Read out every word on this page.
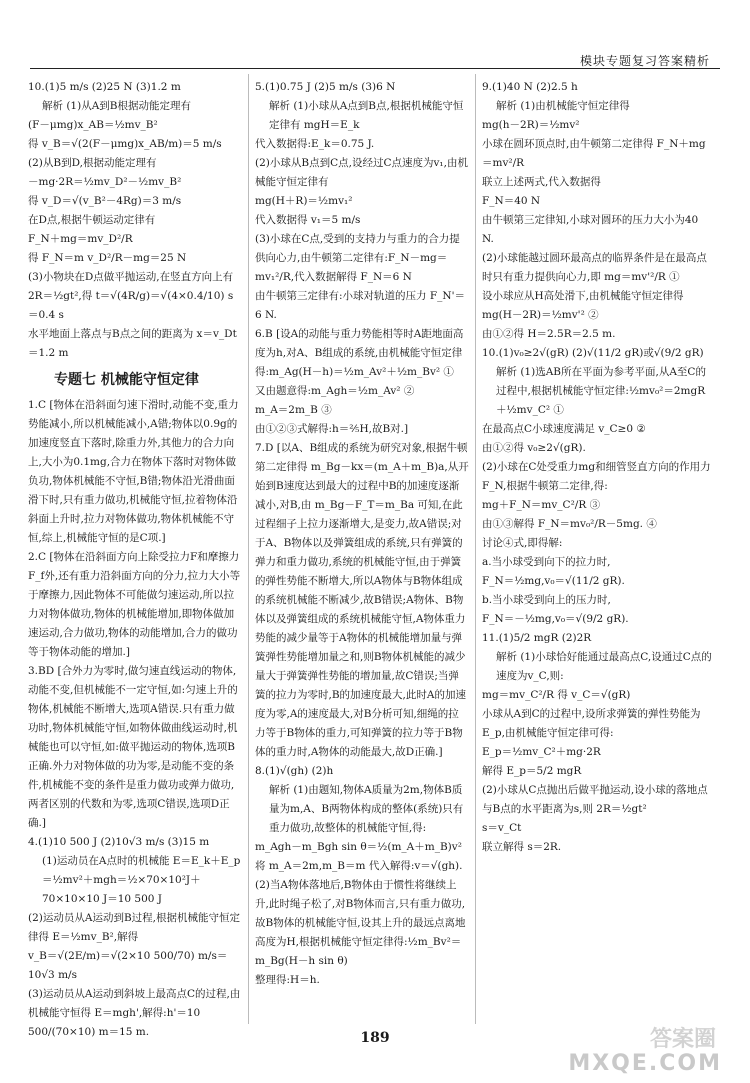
模块专题复习答案精析

10.(1)5 m/s (2)25 N (3)1.2 m

解析 (1)从A到B根据动能定理有

(F－μmg)x_AB＝½mv_B²

得 v_B＝√(2(F－μmg)x_AB/m)＝5 m/s

(2)从B到D,根据动能定理有

－mg·2R＝½mv_D²－½mv_B²

得 v_D＝√(v_B²－4Rg)＝3 m/s

在D点,根据牛顿运动定律有

F_N＋mg＝mv_D²/R

得 F_N＝m v_D²/R－mg＝25 N

(3)小物块在D点做平抛运动,在竖直方向上有 2R＝½gt²,得 t＝√(4R/g)＝√(4×0.4/10) s＝0.4 s

水平地面上落点与B点之间的距离为 x＝v_Dt＝1.2 m

专题七 机械能守恒定律

1.C [物体在沿斜面匀速下滑时,动能不变,重力势能减小,所以机械能减小,A错;物体以0.9g的加速度竖直下落时,除重力外,其他力的合力向上,大小为0.1mg,合力在物体下落时对物体做负功,物体机械能不守恒,B错;物体沿光滑曲面滑下时,只有重力做功,机械能守恒,拉着物体沿斜面上升时,拉力对物体做功,物体机械能不守恒,综上,机械能守恒的是C项.]

2.C [物体在沿斜面方向上除受拉力F和摩擦力F_f外,还有重力沿斜面方向的分力,拉力大小等于摩擦力,因此物体不可能做匀速运动,所以拉力对物体做功,物体的机械能增加,即物体做加速运动,合力做功,物体的动能增加,合力的做功等于物体动能的增加.]

3.BD [合外力为零时,做匀速直线运动的物体,动能不变,但机械能不一定守恒,如:匀速上升的物体,机械能不断增大,选项A错误.只有重力做功时,物体机械能守恒,如物体做曲线运动时,机械能也可以守恒,如:做平抛运动的物体,选项B正确.外力对物体做的功为零,是动能不变的条件,机械能不变的条件是重力做功或弹力做功,两者区别的代数和为零,选项C错误,选项D正确.]

4.(1)10 500 J (2)10√3 m/s (3)15 m

(1)运动员在A点时的机械能 E＝E_k＋E_p＝½mv²＋mgh＝½×70×10²J＋70×10×10 J＝10 500 J

(2)运动员从A运动到B过程,根据机械能守恒定律得 E＝½mv_B²,解得

v_B＝√(2E/m)＝√(2×10 500/70) m/s＝10√3 m/s

(3)运动员从A运动到斜坡上最高点C的过程,由机械能守恒得 E＝mgh',解得:h'＝10 500/(70×10) m＝15 m.

5.(1)0.75 J (2)5 m/s (3)6 N

解析 (1)小球从A点到B点,根据机械能守恒定律有 mgH＝E_k

代入数据得:E_k＝0.75 J.

(2)小球从B点到C点,设经过C点速度为v₁,由机械能守恒定律有

mg(H＋R)＝½mv₁²

代入数据得 v₁＝5 m/s

(3)小球在C点,受到的支持力与重力的合力提供向心力,由牛顿第二定律有:F_N－mg＝mv₁²/R,代入数据解得 F_N＝6 N

由牛顿第三定律有:小球对轨道的压力 F_N'＝6 N.

6.B [设A的动能与重力势能相等时A距地面高度为h,对A、B组成的系统,由机械能守恒定律得:m_Ag(H－h)＝½m_Av²＋½m_Bv² ①

又由题意得:m_Agh＝½m_Av² ②

m_A＝2m_B ③

由①②③式解得:h＝⅖H,故B对.]

7.D [以A、B组成的系统为研究对象,根据牛顿第二定律得 m_Bg－kx＝(m_A＋m_B)a,从开始到B速度达到最大的过程中B的加速度逐渐减小,对B,由 m_Bg－F_T＝m_Ba 可知,在此过程细子上拉力逐渐增大,是变力,故A错误;对于A、B物体以及弹簧组成的系统,只有弹簧的弹力和重力做功,系统的机械能守恒,由于弹簧的弹性势能不断增大,所以A物体与B物体组成的系统机械能不断减少,故B错误;A物体、B物体以及弹簧组成的系统机械能守恒,A物体重力势能的减少量等于A物体的机械能增加量与弹簧弹性势能增加量之和,则B物体机械能的减少量大于弹簧弹性势能的增加量,故C错误;当弹簧的拉力为零时,B的加速度最大,此时A的加速度为零,A的速度最大,对B分析可知,细绳的拉力等于B物体的重力,可知弹簧的拉力等于B物体的重力时,A物体的动能最大,故D正确.]

8.(1)√(gh) (2)h

解析 (1)由题知,物体A质量为2m,物体B质量为m,A、B两物体构成的整体(系统)只有重力做功,故整体的机械能守恒,得:

m_Agh－m_Bgh sin θ＝½(m_A＋m_B)v²

将 m_A＝2m,m_B＝m 代入解得:v＝√(gh).

(2)当A物体落地后,B物体由于惯性将继续上升,此时绳子松了,对B物体而言,只有重力做功,故B物体的机械能守恒,设其上升的最远点离地高度为H,根据机械能守恒定律得:½m_Bv²＝m_Bg(H－h sin θ)

整理得:H＝h.

9.(1)40 N (2)2.5 h

解析 (1)由机械能守恒定律得

mg(h－2R)＝½mv²

小球在圆环顶点时,由牛顿第二定律得 F_N＋mg＝mv²/R

联立上述两式,代入数据得

F_N＝40 N

由牛顿第三定律知,小球对圆环的压力大小为40 N.

(2)小球能越过圆环最高点的临界条件是在最高点时只有重力提供向心力,即 mg＝mv'²/R ①

设小球应从H高处滑下,由机械能守恒定律得

mg(H－2R)＝½mv'² ②

由①②得 H＝2.5R＝2.5 m.

10.(1)v₀≥2√(gR) (2)√(11/2 gR)或√(9/2 gR)

解析 (1)选AB所在平面为参考平面,从A至C的过程中,根据机械能守恒定律:½mv₀²＝2mgR＋½mv_C² ①

在最高点C小球速度满足 v_C≥0 ②

由①②得 v₀≥2√(gR).

(2)小球在C处受重力mg和细管竖直方向的作用力F_N,根据牛顿第二定律,得:

mg＋F_N＝mv_C²/R ③

由①③解得 F_N＝mv₀²/R－5mg. ④

讨论④式,即得解:

a.当小球受到向下的拉力时,

F_N＝½mg,v₀＝√(11/2 gR).

b.当小球受到向上的压力时,

F_N＝－½mg,v₀＝√(9/2 gR).

11.(1)5/2 mgR (2)2R

解析 (1)小球恰好能通过最高点C,设通过C点的速度为v_C,则:

mg＝mv_C²/R 得 v_C＝√(gR)

小球从A到C的过程中,设所求弹簧的弹性势能为E_p,由机械能守恒定律可得:

E_p＝½mv_C²＋mg·2R

解得 E_p＝5/2 mgR

(2)小球从C点抛出后做平抛运动,设小球的落地点与B点的水平距离为s,则 2R＝½gt²

s＝v_Ct

联立解得 s＝2R.

189	答案圈
MXQE.COM
